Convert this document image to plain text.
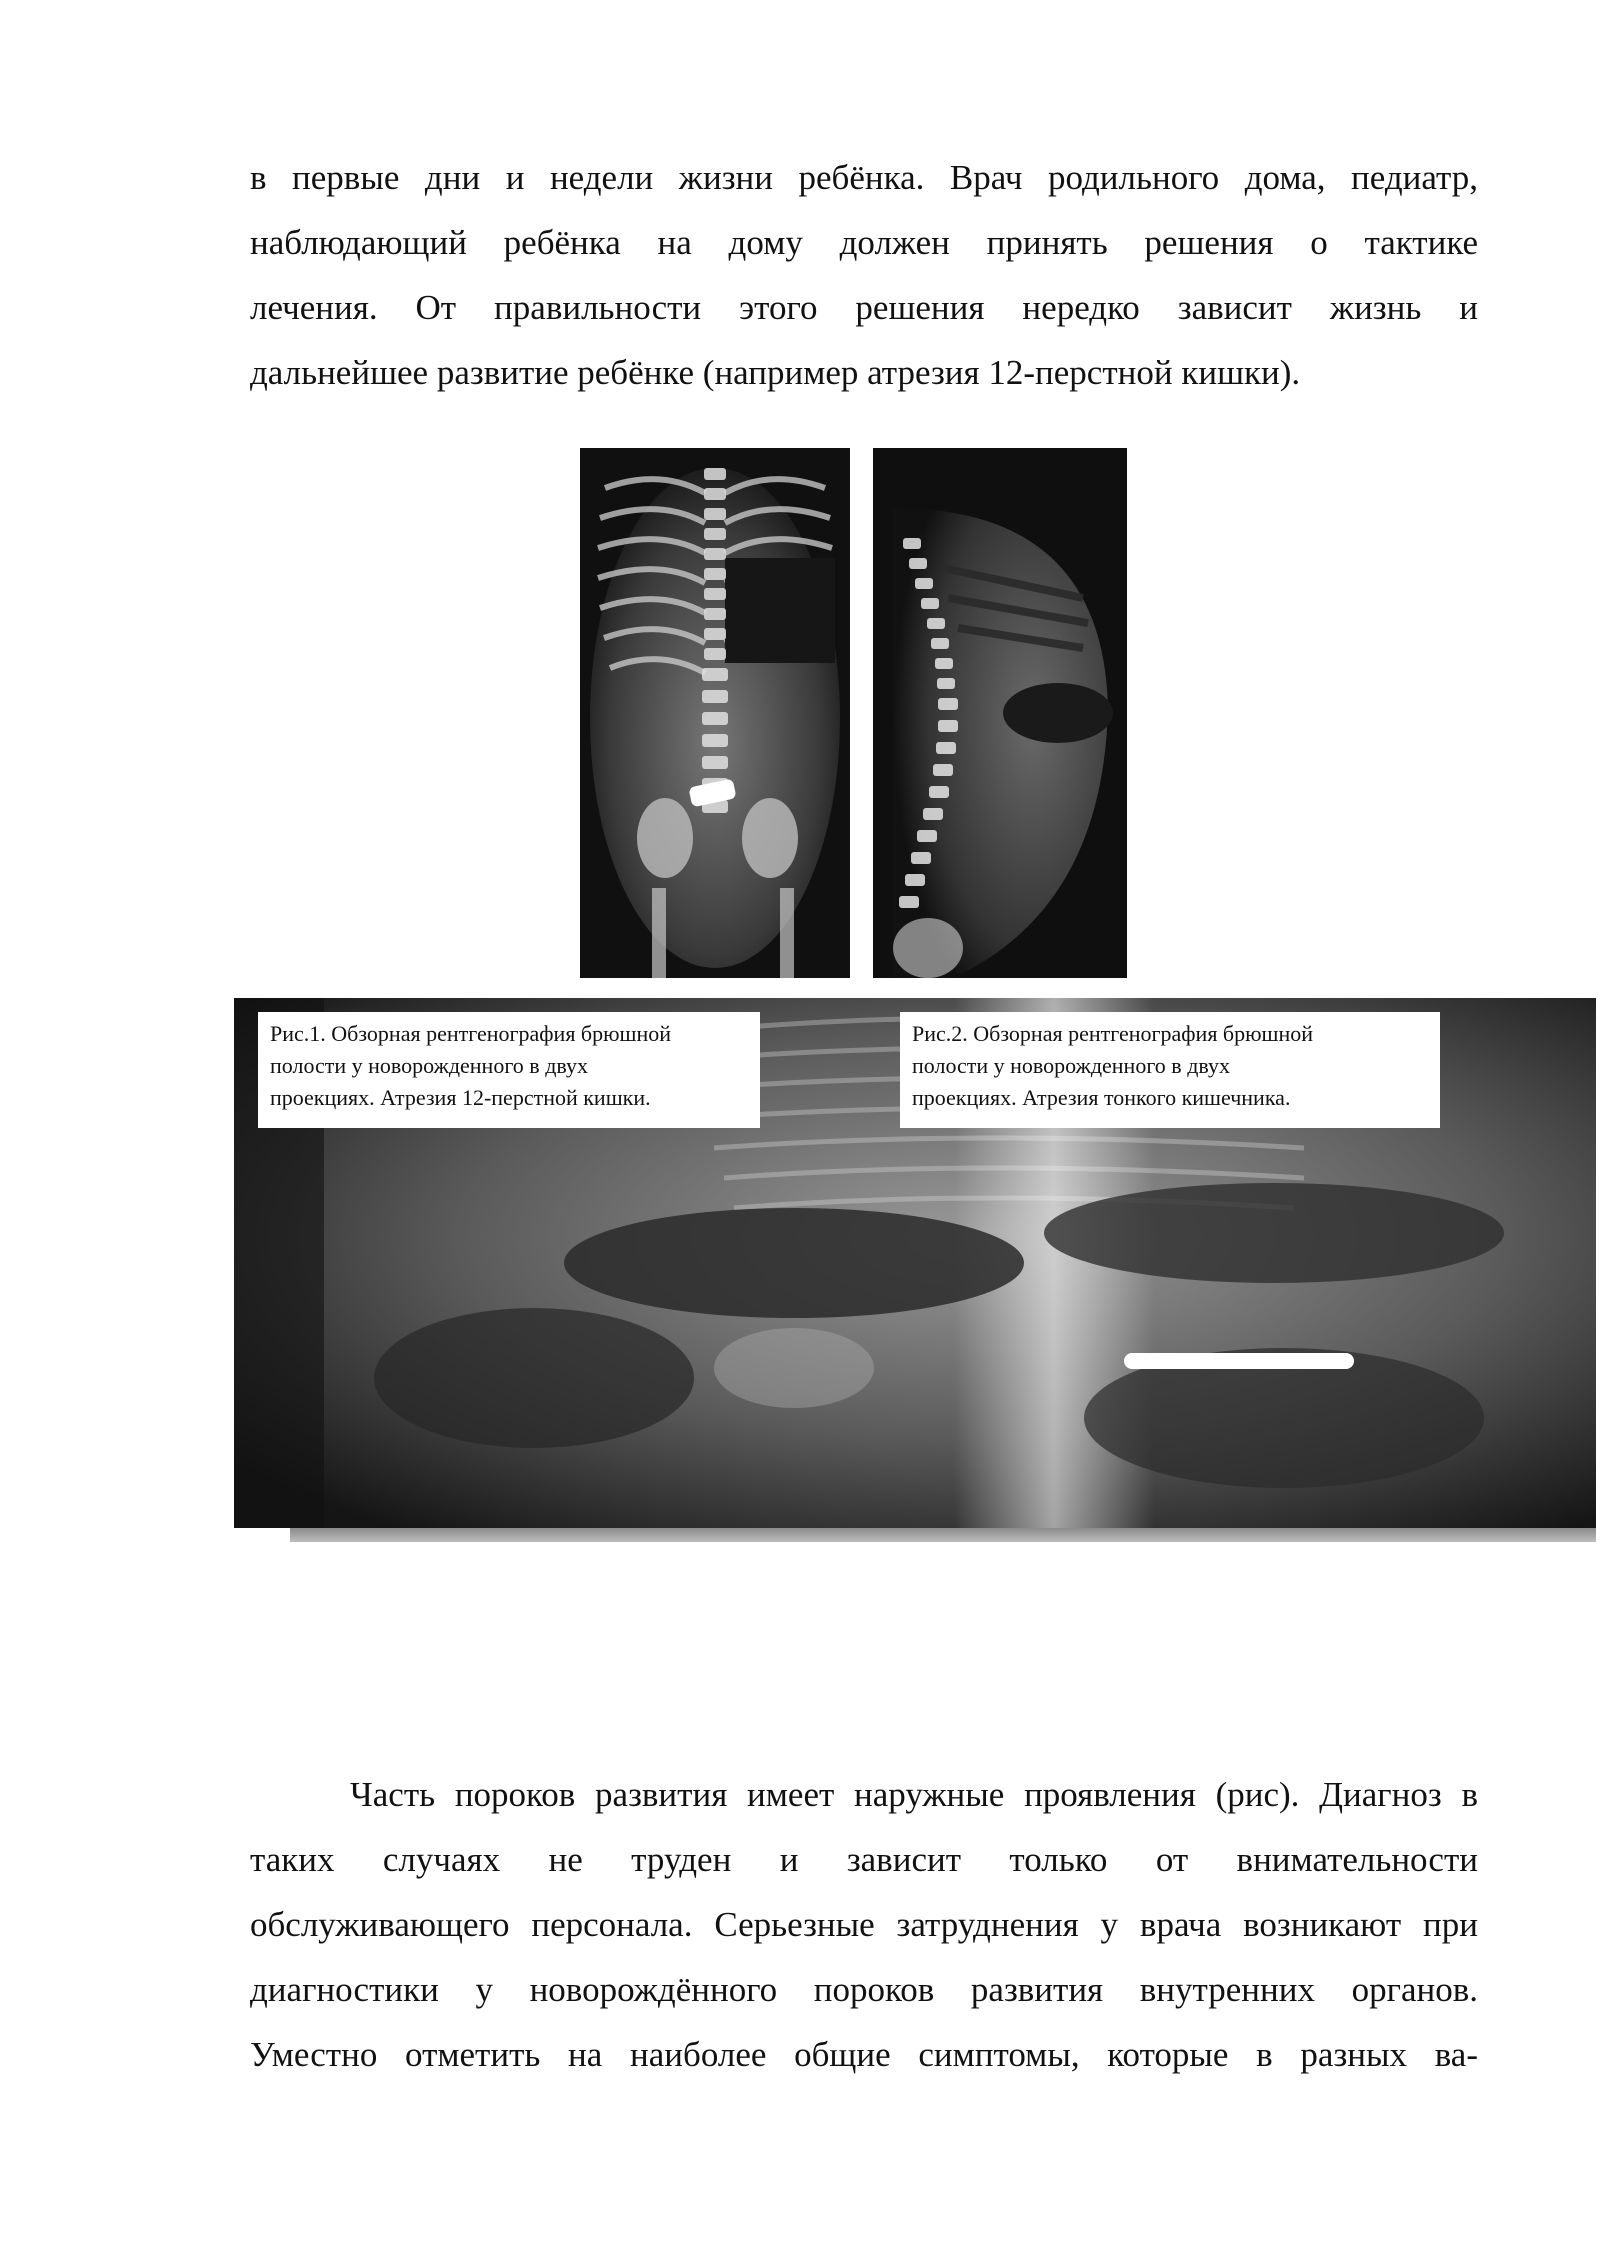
в первые дни и недели жизни ребёнка. Врач родильного дома, педиатр,
наблюдающий ребёнка на дому должен принять решения о тактике
лечения. От правильности этого решения нередко зависит жизнь и
дальнейшее развитие ребёнке (например атрезия 12-перстной кишки).
Рис.1. Обзорная рентгенография брюшной
полости у новорожденного в двух
проекциях. Атрезия 12-перстной кишки.
Рис.2. Обзорная рентгенография брюшной
полости у новорожденного в двух
проекциях. Атрезия тонкого кишечника.
Часть пороков развития имеет наружные проявления (рис). Диагноз в
таких случаях не труден и зависит только от внимательности
обслуживающего персонала. Серьезные затруднения у врача возникают при
диагностики у новорождённого пороков развития внутренних органов.
Уместно отметить на наиболее общие симптомы, которые в разных ва-
